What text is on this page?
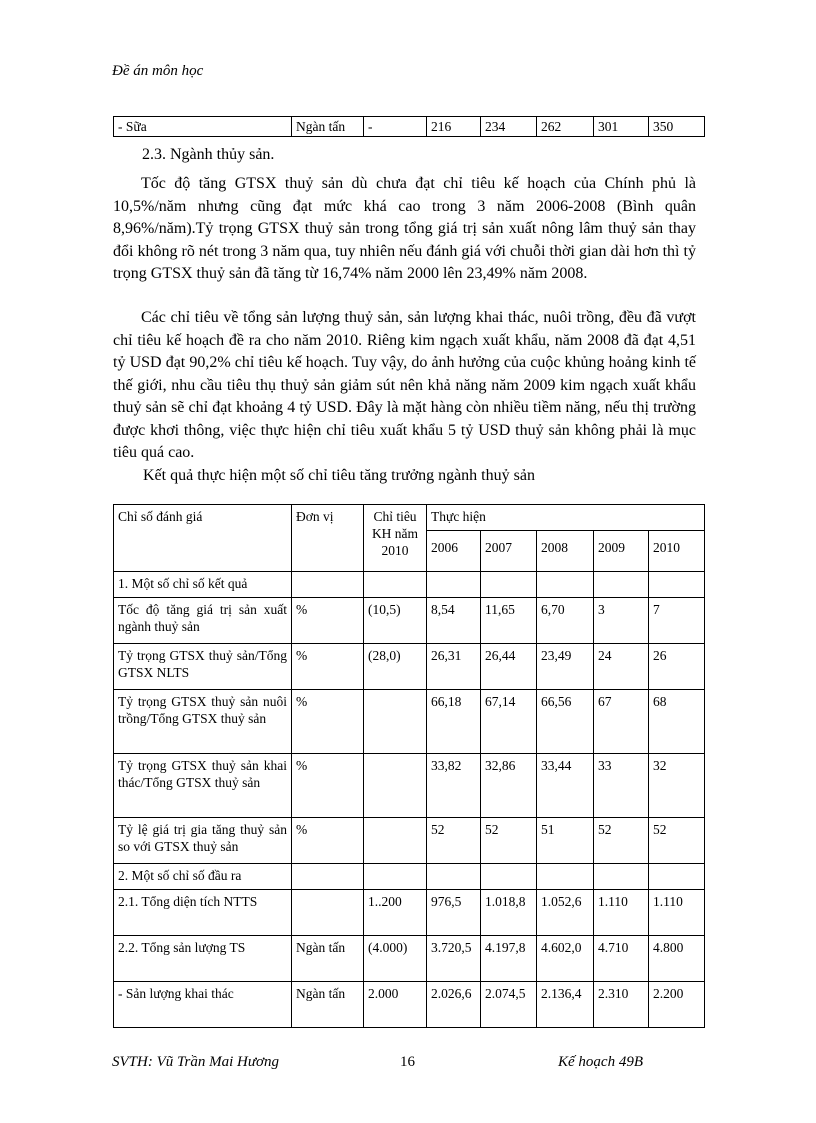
Đề án môn học
- Sữa	Ngàn tấn	-	216	234	262	301	350
2.3. Ngành thủy sản.

Tốc độ tăng GTSX thuỷ sản dù chưa đạt chỉ tiêu kế hoạch của Chính phủ là 10,5%/năm nhưng cũng đạt mức khá cao trong 3 năm 2006-2008 (Bình quân 8,96%/năm).Tỷ trọng GTSX thuỷ sản trong tổng giá trị sản xuất nông lâm thuỷ sản thay đổi không rõ nét trong 3 năm qua, tuy nhiên nếu đánh giá với chuỗi thời gian dài hơn thì tỷ trọng GTSX thuỷ sản đã tăng từ 16,74% năm 2000 lên 23,49% năm 2008.

Các chỉ tiêu về tổng sản lượng thuỷ sản, sản lượng khai thác, nuôi trồng, đều đã vượt chỉ tiêu kế hoạch đề ra cho năm 2010. Riêng kim ngạch xuất khẩu, năm 2008 đã đạt 4,51 tỷ USD đạt 90,2% chỉ tiêu kế hoạch. Tuy vậy, do ảnh hưởng của cuộc khủng hoảng kinh tế thế giới, nhu cầu tiêu thụ thuỷ sản giảm sút nên khả năng năm 2009 kim ngạch xuất khẩu thuỷ sản sẽ chỉ đạt khoảng 4 tỷ USD. Đây là mặt hàng còn nhiều tiềm năng, nếu thị trường được khơi thông, việc thực hiện chỉ tiêu xuất khẩu 5 tỷ USD thuỷ sản không phải là mục tiêu quá cao.

Kết quả thực hiện một số chỉ tiêu tăng trưởng ngành thuỷ sản
Chỉ số đánh giá	Đơn vị	Chỉ tiêu KH năm 2010	Thực hiện				
			2006	2007	2008	2009	2010
1. Một số chỉ số kết quả							
Tốc độ tăng giá trị sản xuất ngành thuỷ sản	%	(10,5)	8,54	11,65	6,70	3	7
Tỷ trọng GTSX thuỷ sản/Tổng GTSX NLTS	%	(28,0)	26,31	26,44	23,49	24	26
Tỷ trọng GTSX thuỷ sản nuôi trồng/Tổng GTSX thuỷ sản	%		66,18	67,14	66,56	67	68
Tỷ trọng GTSX thuỷ sản khai thác/Tổng GTSX thuỷ sản	%		33,82	32,86	33,44	33	32
Tỷ lệ giá trị gia tăng thuỷ sản so với GTSX thuỷ sản	%		52	52	51	52	52
2. Một số chỉ số đầu ra							
2.1. Tổng diện tích NTTS		1..200	976,5	1.018,8	1.052,6	1.110	1.110
2.2. Tổng sản lượng TS	Ngàn tấn	(4.000)	3.720,5	4.197,8	4.602,0	4.710	4.800
- Sản lượng khai thác	Ngàn tấn	2.000	2.026,6	2.074,5	2.136,4	2.310	2.200
SVTH: Vũ Trần Mai Hương	16	Kế hoạch 49B
